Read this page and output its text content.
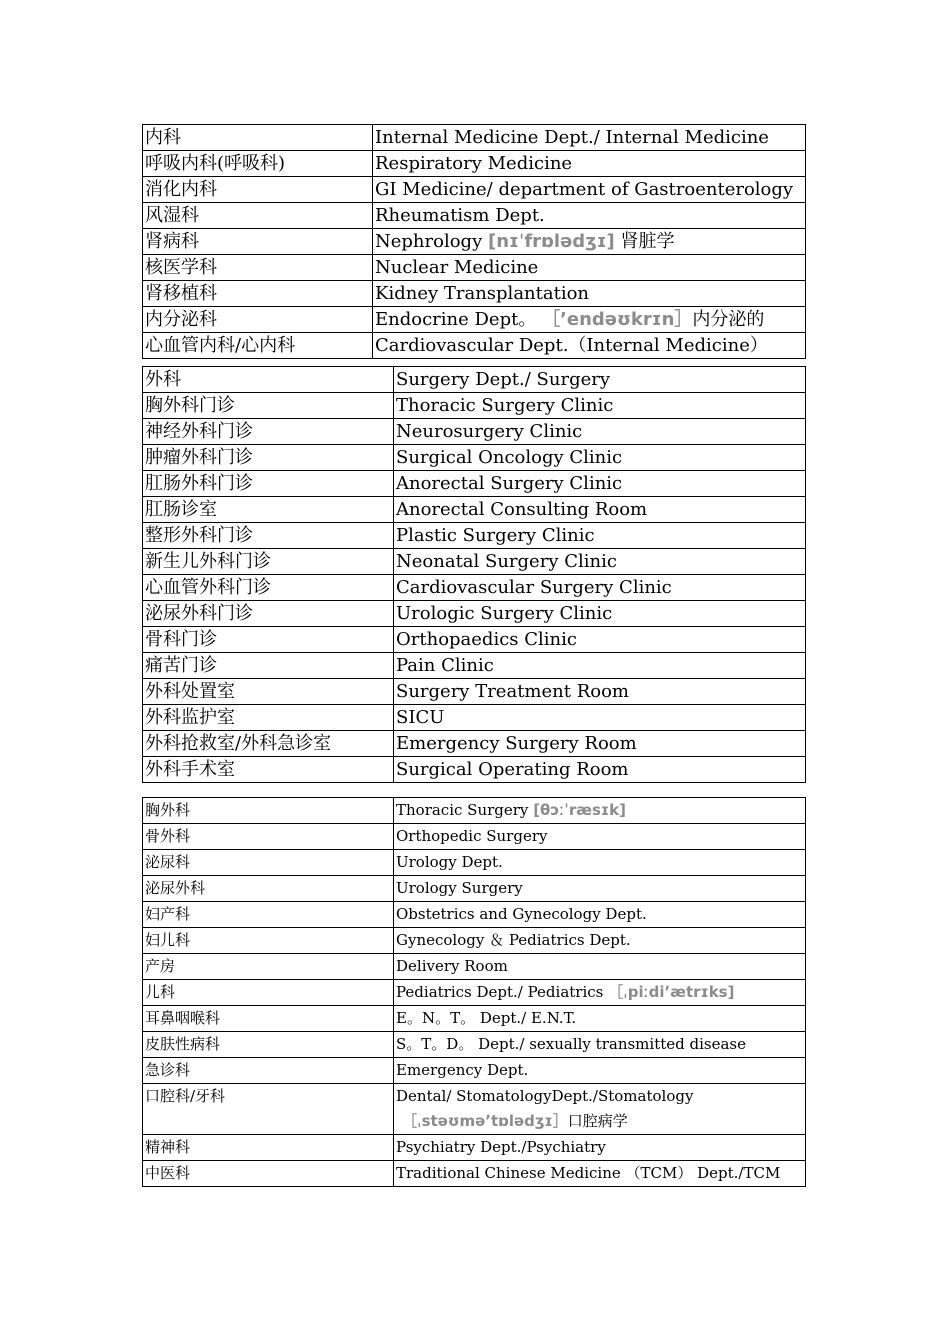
内科	Internal Medicine Dept./ Internal Medicine
呼吸内科(呼吸科)	Respiratory Medicine
消化内科	GI Medicine/ department of Gastroenterology
风湿科	Rheumatism Dept.
肾病科	Nephrology [nɪˈfrɒlədʒɪ] 肾脏学
核医学科	Nuclear Medicine
肾移植科	Kidney Transplantation
内分泌科	Endocrine Dept。 ［’endəʊkrɪn］内分泌的
心血管内科/心内科	Cardiovascular Dept.（Internal Medicine）
外科	Surgery Dept./ Surgery
胸外科门诊	Thoracic Surgery Clinic
神经外科门诊	Neurosurgery Clinic
肿瘤外科门诊	Surgical Oncology Clinic
肛肠外科门诊	Anorectal Surgery Clinic
肛肠诊室	Anorectal Consulting Room
整形外科门诊	Plastic Surgery Clinic
新生儿外科门诊	Neonatal Surgery Clinic
心血管外科门诊	Cardiovascular Surgery Clinic
泌尿外科门诊	Urologic Surgery Clinic
骨科门诊	Orthopaedics Clinic
痛苦门诊	Pain Clinic
外科处置室	Surgery Treatment Room
外科监护室	SICU
外科抢救室/外科急诊室	Emergency Surgery Room
外科手术室	Surgical Operating Room
胸外科	Thoracic Surgery [θɔːˈræsɪk]
骨外科	Orthopedic Surgery
泌尿科	Urology Dept.
泌尿外科	Urology Surgery
妇产科	Obstetrics and Gynecology Dept.
妇儿科	Gynecology ＆ Pediatrics Dept.
产房	Delivery Room
儿科	Pediatrics Dept./ Pediatrics ［ˌpiːdiʼætrɪks]
耳鼻咽喉科	E。N。T。 Dept./ E.N.T.
皮肤性病科	S。T。D。 Dept./ sexually transmitted disease
急诊科	Emergency Dept.
口腔科/牙科	Dental/ StomatologyDept./Stomatology
［ˌstəʊməʼtɒlədʒɪ］口腔病学

精神科	Psychiatry Dept./Psychiatry
中医科	Traditional Chinese Medicine （TCM） Dept./TCM
